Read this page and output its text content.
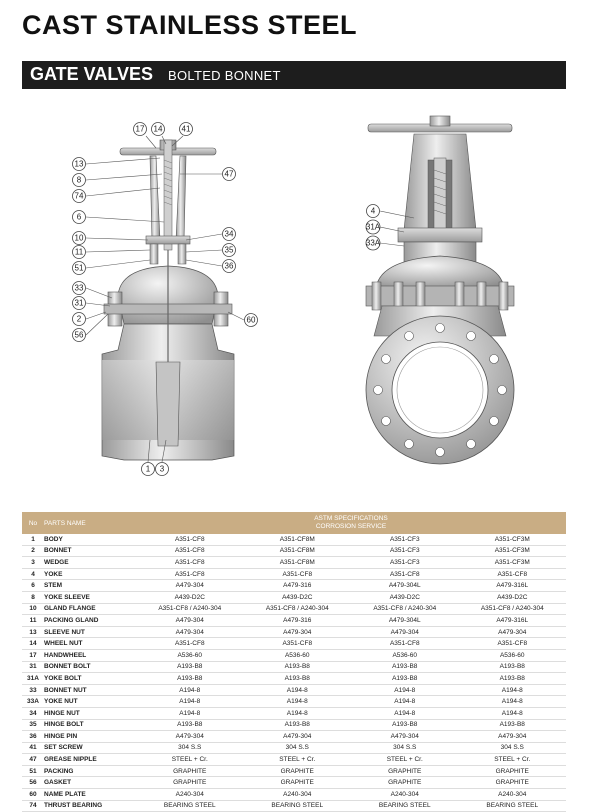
CAST STAINLESS STEEL
GATE VALVES BOLTED BONNET
17 14 41
13
8
74
47
6
10	34
11	35
51	36
33
31
2
56
60
1 3
4
31A
33A
No	PARTS NAME	ASTM SPECIFICATIONS
CORROSION SERVICE			

1	BODY	A351-CF8	A351-CF8M	A351-CF3	A351-CF3M
2	BONNET	A351-CF8	A351-CF8M	A351-CF3	A351-CF3M
3	WEDGE	A351-CF8	A351-CF8M	A351-CF3	A351-CF3M
4	YOKE	A351-CF8	A351-CF8	A351-CF8	A351-CF8
6	STEM	A479-304	A479-316	A479-304L	A479-316L
8	YOKE SLEEVE	A439-D2C	A439-D2C	A439-D2C	A439-D2C
10	GLAND FLANGE	A351-CF8 / A240-304	A351-CF8 / A240-304	A351-CF8 / A240-304	A351-CF8 / A240-304
11	PACKING GLAND	A479-304	A479-316	A479-304L	A479-316L
13	SLEEVE NUT	A479-304	A479-304	A479-304	A479-304
14	WHEEL NUT	A351-CF8	A351-CF8	A351-CF8	A351-CF8
17	HANDWHEEL	A536-60	A536-60	A536-60	A536-60
31	BONNET BOLT	A193-B8	A193-B8	A193-B8	A193-B8
31A	YOKE BOLT	A193-B8	A193-B8	A193-B8	A193-B8
33	BONNET NUT	A194-8	A194-8	A194-8	A194-8
33A	YOKE NUT	A194-8	A194-8	A194-8	A194-8
34	HINGE NUT	A194-8	A194-8	A194-8	A194-8
35	HINGE BOLT	A193-B8	A193-B8	A193-B8	A193-B8
36	HINGE PIN	A479-304	A479-304	A479-304	A479-304
41	SET SCREW	304 S.S	304 S.S	304 S.S	304 S.S
47	GREASE NIPPLE	STEEL + Cr.	STEEL + Cr.	STEEL + Cr.	STEEL + Cr.
51	PACKING	GRAPHITE	GRAPHITE	GRAPHITE	GRAPHITE
56	GASKET	GRAPHITE	GRAPHITE	GRAPHITE	GRAPHITE
60	NAME PLATE	A240-304	A240-304	A240-304	A240-304
74	THRUST BEARING	BEARING STEEL	BEARING STEEL	BEARING STEEL	BEARING STEEL
